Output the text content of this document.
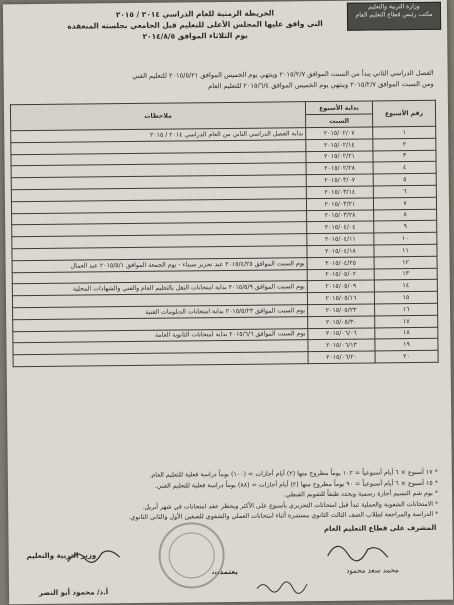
وزارة التربية والتعليم
مكتب رئيس قطاع التعليم العام
الخريطة الزمنية للعام الدراسي ٢٠١٤ / ٢٠١٥
التي وافق عليها المجلس الأعلى للتعليم قبل الجامعي بجلسته المنعقدة
يوم الثلاثاء الموافق ٢٠١٤/٨/٥
الفصل الدراسي الثاني يبدأ من السبت الموافق ٢٠١٥/٢/٧ وينتهي يوم الخميس الموافق ٢٠١٥/٥/٢١ للتعليم الفني
ومن السبت الموافق ٢٠١٥/٢/٧ وينتهي يوم الخميس الموافق ٢٠١٥/٦/٤ للتعليم العام
رقم الأسبوع	بداية الأسبوع	ملاحظات
	السبت	
١	٢٠١٥/٠٢/٠٧	بداية الفصل الدراسي الثاني من العام الدراسي ٢٠١٤ / ٢٠١٥
٢	٢٠١٥/٠٢/١٤	
٣	٢٠١٥/٠٢/٢١	
٤	٢٠١٥/٠٢/٢٨	
٥	٢٠١٥/٠٣/٠٧	
٦	٢٠١٥/٠٣/١٤	
٧	٢٠١٥/٠٣/٢١	
٨	٢٠١٥/٠٣/٢٨	
٩	٢٠١٥/٠٤/٠٤	
١٠	٢٠١٥/٠٤/١١	
١١	٢٠١٥/٠٤/١٨	
١٢	٢٠١٥/٠٤/٢٥	يوم السبت الموافق ٢٠١٥/٤/٢٥ عيد تحرير سيناء - يوم الجمعة الموافق ٢٠١٥/٥/١ عيد العمال
١٣	٢٠١٥/٠٥/٠٢	
١٤	٢٠١٥/٠٥/٠٩	يوم السبت الموافق ٢٠١٥/٥/٩ بداية امتحانات النقل بالتعليم العام والفني والشهادات المحلية
١٥	٢٠١٥/٠٥/١٦	
١٦	٢٠١٥/٠٥/٢٣	يوم السبت الموافق ٢٠١٥/٥/٢٣ بداية امتحانات الدبلومات الفنية
١٧	٢٠١٥/٠٥/٣٠	
١٨	٢٠١٥/٠٦/٠٦	يوم السبت الموافق ٢٠١٥/٦/٦ بداية امتحانات الثانوية العامة
١٩	٢٠١٥/٠٦/١٣	
٢٠	٢٠١٥/٠٦/٢٠	
* ١٧ أسبوع × ٦ أيام أسبوعياً = ١٠٢ يوماً مطروح منها (٢) أيام أجازات = (١٠٠) يوماً دراسة فعلية للتعليم العام.
* ١٥ أسبوع × ٦ أيام أسبوعياً = ٩٠ يوماً مطروح منها (٢) أيام أجازات = (٨٨) يوماً دراسة فعلية للتعليم الفني.
* يوم شم النسيم أجازة رسمية ويحدد طبقاً للتقويم القبطي.
* الامتحانات الشفوية والعملية تبدأ قبل امتحانات التحريري بأسبوع على الأكثر ويحظر عقد امتحانات في شهر أبريل.
* الدراسة والمراجعة لطلاب الصف الثالث الثانوي مستمرة أثناء امتحانات العملي والشفوي للصفين الأول والثاني الثانوي.
المشرف على قطاع التعليم العام
محمد سعد محمود
يعتمد،،،
وزير التربية والتعليم
أ.د/ محمود أبو النصر
